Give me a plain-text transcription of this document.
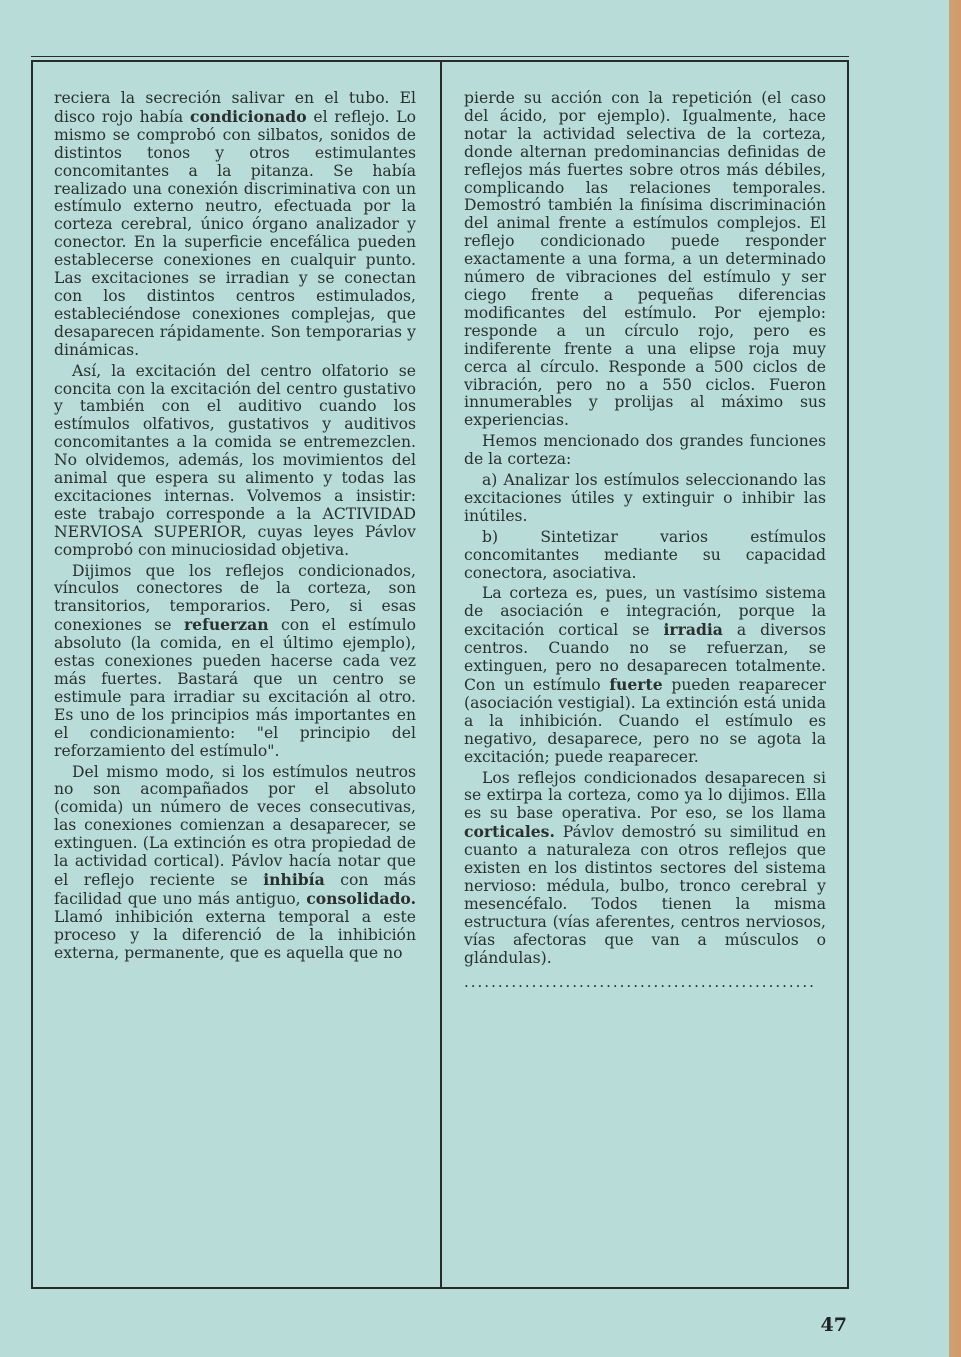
reciera la secreción salivar en el tubo. El disco rojo había condicionado el reflejo. Lo mismo se comprobó con silbatos, sonidos de distintos tonos y otros estimulantes concomitantes a la pitanza. Se había realizado una conexión discriminativa con un estímulo externo neutro, efectuada por la corteza cerebral, único órgano analizador y conector. En la superficie encefálica pueden establecerse conexiones en cualquir punto. Las excitaciones se irradian y se conectan con los distintos centros estimulados, estableciéndose conexiones complejas, que desaparecen rápidamente. Son temporarias y dinámicas.

Así, la excitación del centro olfatorio se concita con la excitación del centro gustativo y también con el auditivo cuando los estímulos olfativos, gustativos y auditivos concomitantes a la comida se entremezclen. No olvidemos, además, los movimientos del animal que espera su alimento y todas las excitaciones internas. Volvemos a insistir: este trabajo corresponde a la ACTIVIDAD NERVIOSA SUPERIOR, cuyas leyes Pávlov comprobó con minuciosidad objetiva.

Dijimos que los reflejos condicionados, vínculos conectores de la corteza, son transitorios, temporarios. Pero, si esas conexiones se refuerzan con el estímulo absoluto (la comida, en el último ejemplo), estas conexiones pueden hacerse cada vez más fuertes. Bastará que un centro se estimule para irradiar su excitación al otro. Es uno de los principios más importantes en el condicionamiento: "el principio del reforzamiento del estímulo".

Del mismo modo, si los estímulos neutros no son acompañados por el absoluto (comida) un número de veces consecutivas, las conexiones comienzan a desaparecer, se extinguen. (La extinción es otra propiedad de la actividad cortical). Pávlov hacía notar que el reflejo reciente se inhibía con más facilidad que uno más antiguo, consolidado. Llamó inhibición externa temporal a este proceso y la diferenció de la inhibición externa, permanente, que es aquella que no

pierde su acción con la repetición (el caso del ácido, por ejemplo). Igualmente, hace notar la actividad selectiva de la corteza, donde alternan predominancias definidas de reflejos más fuertes sobre otros más débiles, complicando las relaciones temporales. Demostró también la finísima discriminación del animal frente a estímulos complejos. El reflejo condicionado puede responder exactamente a una forma, a un determinado número de vibraciones del estímulo y ser ciego frente a pequeñas diferencias modificantes del estímulo. Por ejemplo: responde a un círculo rojo, pero es indiferente frente a una elipse roja muy cerca al círculo. Responde a 500 ciclos de vibración, pero no a 550 ciclos. Fueron innumerables y prolijas al máximo sus experiencias.

Hemos mencionado dos grandes funciones de la corteza:

a) Analizar los estímulos seleccionando las excitaciones útiles y extinguir o inhibir las inútiles.

b) Sintetizar varios estímulos concomitantes mediante su capacidad conectora, asociativa.

La corteza es, pues, un vastísimo sistema de asociación e integración, porque la excitación cortical se irradia a diversos centros. Cuando no se refuerzan, se extinguen, pero no desaparecen totalmente. Con un estímulo fuerte pueden reaparecer (asociación vestigial). La extinción está unida a la inhibición. Cuando el estímulo es negativo, desaparece, pero no se agota la excitación; puede reaparecer.

Los reflejos condicionados desaparecen si se extirpa la corteza, como ya lo dijimos. Ella es su base operativa. Por eso, se los llama corticales. Pávlov demostró su similitud en cuanto a naturaleza con otros reflejos que existen en los distintos sectores del sistema nervioso: médula, bulbo, tronco cerebral y mesencéfalo. Todos tienen la misma estructura (vías aferentes, centros nerviosos, vías afectoras que van a músculos o glándulas).

....................................................
47
